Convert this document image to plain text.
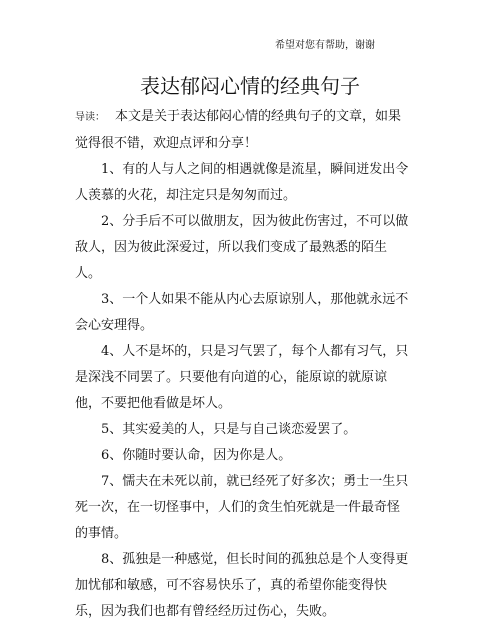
希望对您有帮助，谢谢
表达郁闷心情的经典句子

导读： 本文是关于表达郁闷心情的经典句子的文章，如果觉得很不错，欢迎点评和分享！

1、有的人与人之间的相遇就像是流星，瞬间迸发出令人羡慕的火花，却注定只是匆匆而过。

2、分手后不可以做朋友，因为彼此伤害过，不可以做敌人，因为彼此深爱过，所以我们变成了最熟悉的陌生人。

3、一个人如果不能从内心去原谅别人，那他就永远不会心安理得。

4、人不是坏的，只是习气罢了，每个人都有习气，只是深浅不同罢了。只要他有向道的心，能原谅的就原谅他，不要把他看做是坏人。

5、其实爱美的人，只是与自己谈恋爱罢了。

6、你随时要认命，因为你是人。

7、懦夫在未死以前，就已经死了好多次；勇士一生只死一次，在一切怪事中，人们的贪生怕死就是一件最奇怪的事情。

8、孤独是一种感觉，但长时间的孤独总是个人变得更加忧郁和敏感，可不容易快乐了，真的希望你能变得快乐，因为我们也都有曾经经历过伤心，失败。
